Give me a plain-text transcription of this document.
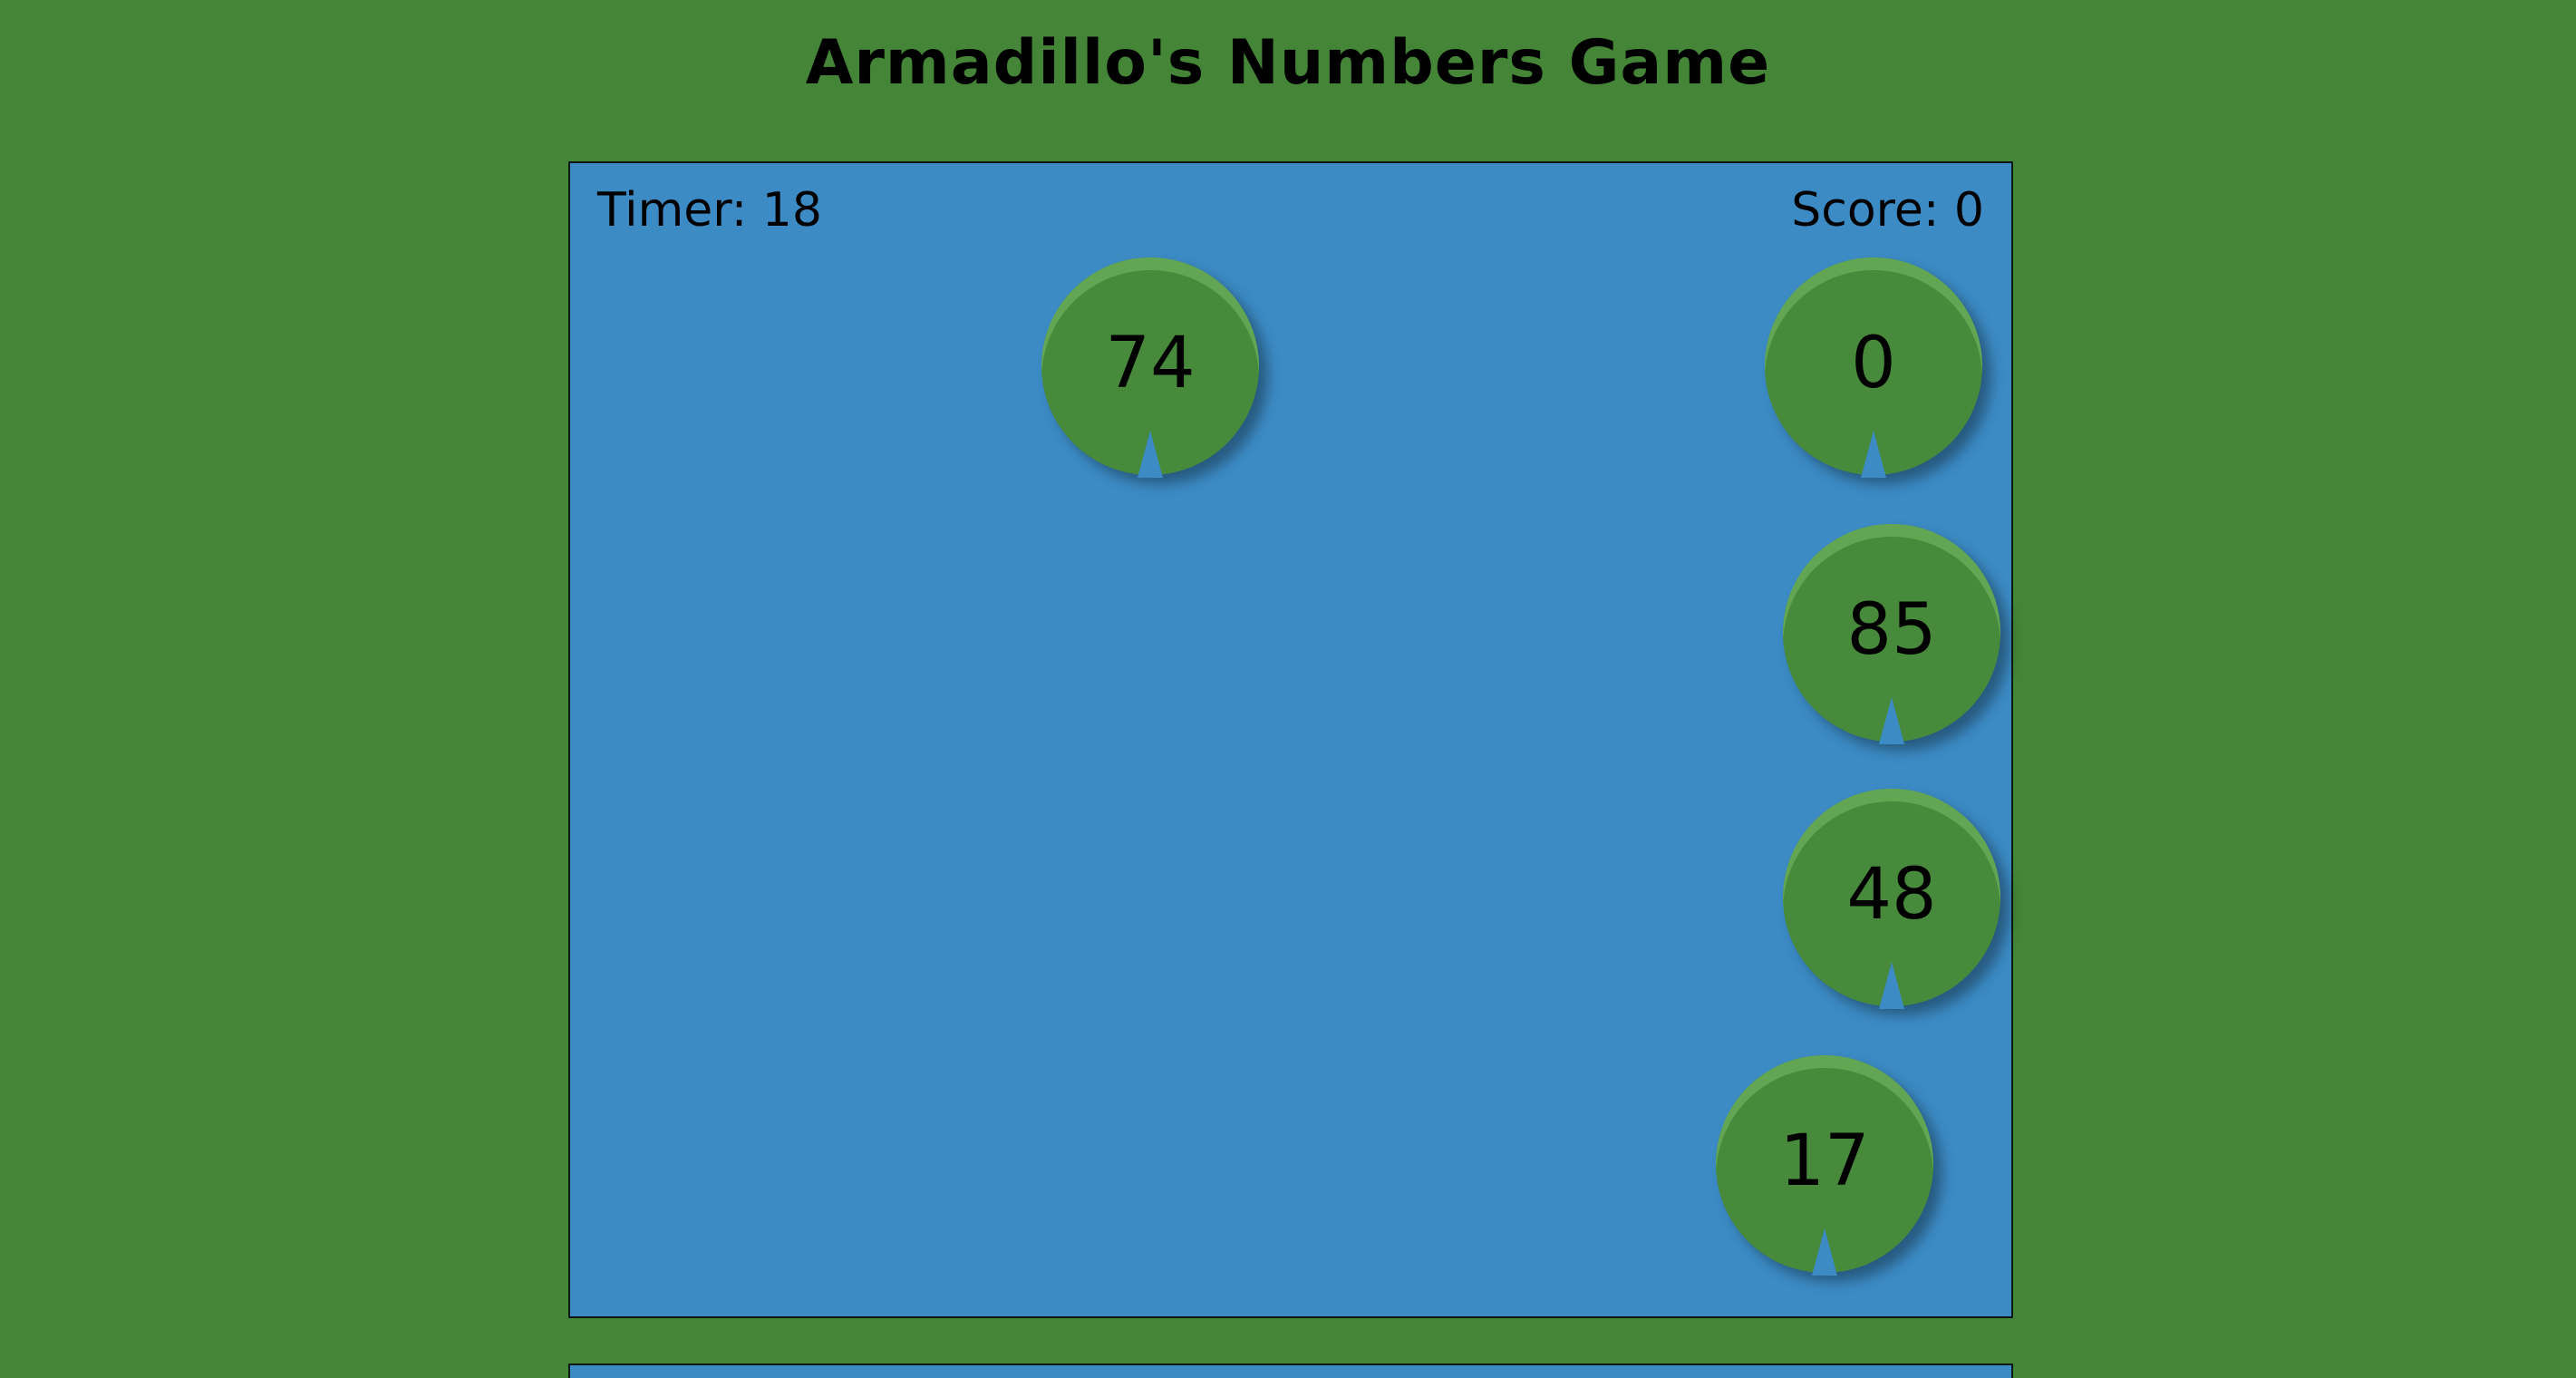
Armadillo's Numbers Game
Timer: 18	Score: 0
74	0
85
48
17
